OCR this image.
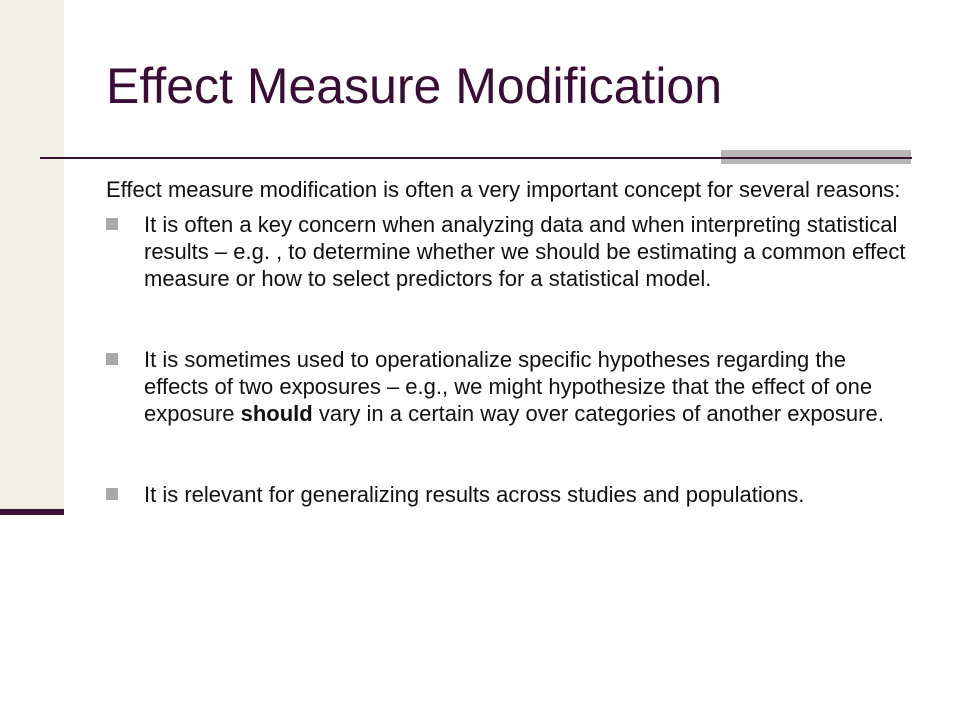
Effect Measure Modification

Effect measure modification is often a very important concept for several reasons:

It is often a key concern when analyzing data and when interpreting statistical results – e.g. , to determine whether we should be estimating a common effect measure or how to select predictors for a statistical model.
It is sometimes used to operationalize specific hypotheses regarding the effects of two exposures – e.g., we might hypothesize that the effect of one exposure should vary in a certain way over categories of another exposure.
It is relevant for generalizing results across studies and populations.
